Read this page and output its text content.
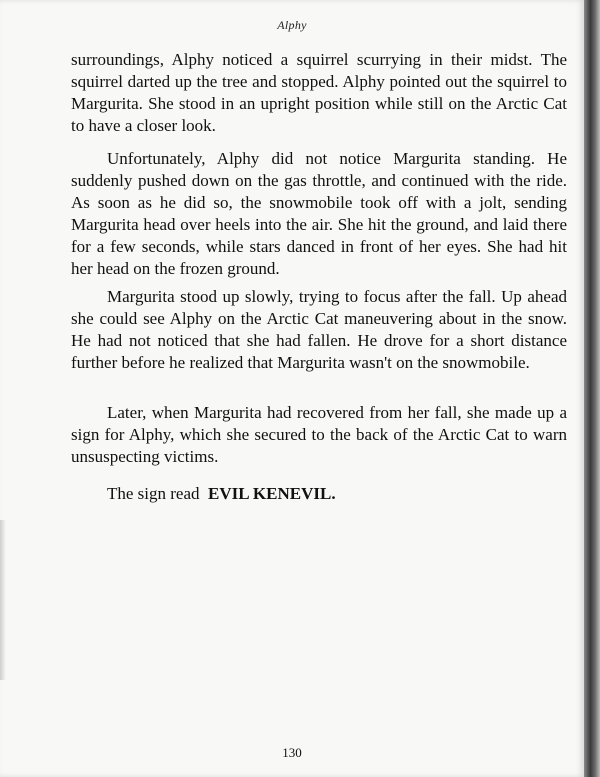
Alphy

surroundings, Alphy noticed a squirrel scurrying in their midst. The squirrel darted up the tree and stopped. Alphy pointed out the squirrel to Margurita. She stood in an upright position while still on the Arctic Cat to have a closer look.

Unfortunately, Alphy did not notice Margurita standing. He suddenly pushed down on the gas throttle, and continued with the ride. As soon as he did so, the snowmobile took off with a jolt, sending Margurita head over heels into the air. She hit the ground, and laid there for a few seconds, while stars danced in front of her eyes. She had hit her head on the frozen ground.

Margurita stood up slowly, trying to focus after the fall. Up ahead she could see Alphy on the Arctic Cat maneuvering about in the snow. He had not noticed that she had fallen. He drove for a short distance further before he realized that Margurita wasn't on the snowmobile.

Later, when Margurita had recovered from her fall, she made up a sign for Alphy, which she secured to the back of the Arctic Cat to warn unsuspecting victims.

The sign read EVIL KENEVIL.

130
